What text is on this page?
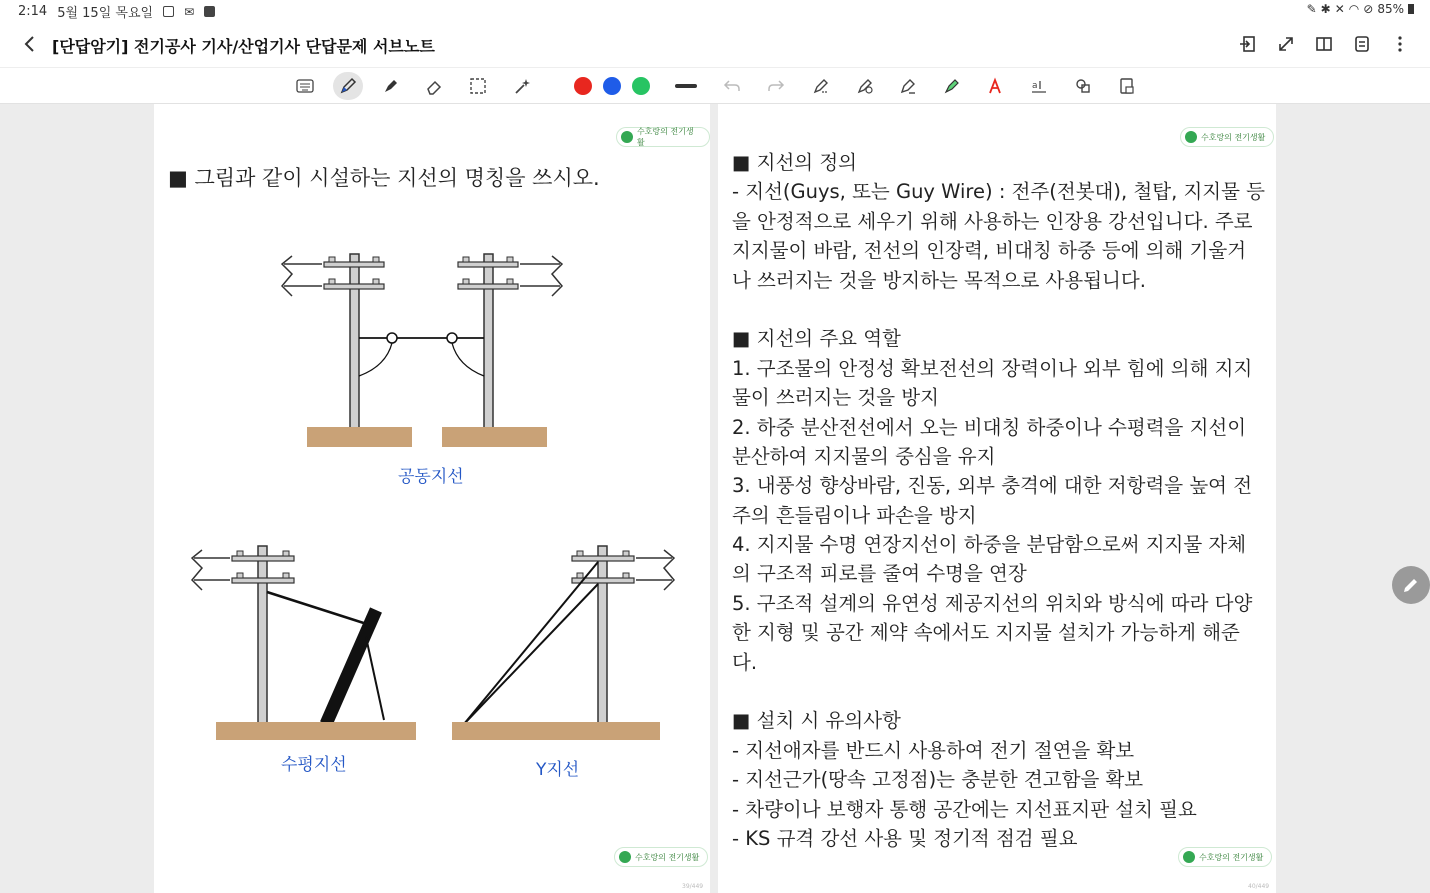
2:14 5월 15일 목요일	✉	✎ ✱ ✕ ◠ ⊘ 85%
[단답암기] 전기공사 기사/산업기사 단답문제 서브노트
a
수호랑의 전기생활
■ 그림과 같이 시설하는 지선의 명칭을 쓰시오.
공동지선
수평지선	Y지선
수호랑의 전기생활
39/449
수호랑의 전기생활
■ 지선의 정의
- 지선(Guys, 또는 Guy Wire) : 전주(전봇대), 철탑, 지지물 등
을 안정적으로 세우기 위해 사용하는 인장용 강선입니다. 주로
지지물이 바람, 전선의 인장력, 비대칭 하중 등에 의해 기울거
나 쓰러지는 것을 방지하는 목적으로 사용됩니다.
■ 지선의 주요 역할
1. 구조물의 안정성 확보전선의 장력이나 외부 힘에 의해 지지
물이 쓰러지는 것을 방지
2. 하중 분산전선에서 오는 비대칭 하중이나 수평력을 지선이
분산하여 지지물의 중심을 유지
3. 내풍성 향상바람, 진동, 외부 충격에 대한 저항력을 높여 전
주의 흔들림이나 파손을 방지
4. 지지물 수명 연장지선이 하중을 분담함으로써 지지물 자체
의 구조적 피로를 줄여 수명을 연장
5. 구조적 설계의 유연성 제공지선의 위치와 방식에 따라 다양
한 지형 및 공간 제약 속에서도 지지물 설치가 가능하게 해준
다.
■ 설치 시 유의사항
- 지선애자를 반드시 사용하여 전기 절연을 확보
- 지선근가(땅속 고정점)는 충분한 견고함을 확보
- 차량이나 보행자 통행 공간에는 지선표지판 설치 필요
- KS 규격 강선 사용 및 정기적 점검 필요
수호랑의 전기생활
40/449
